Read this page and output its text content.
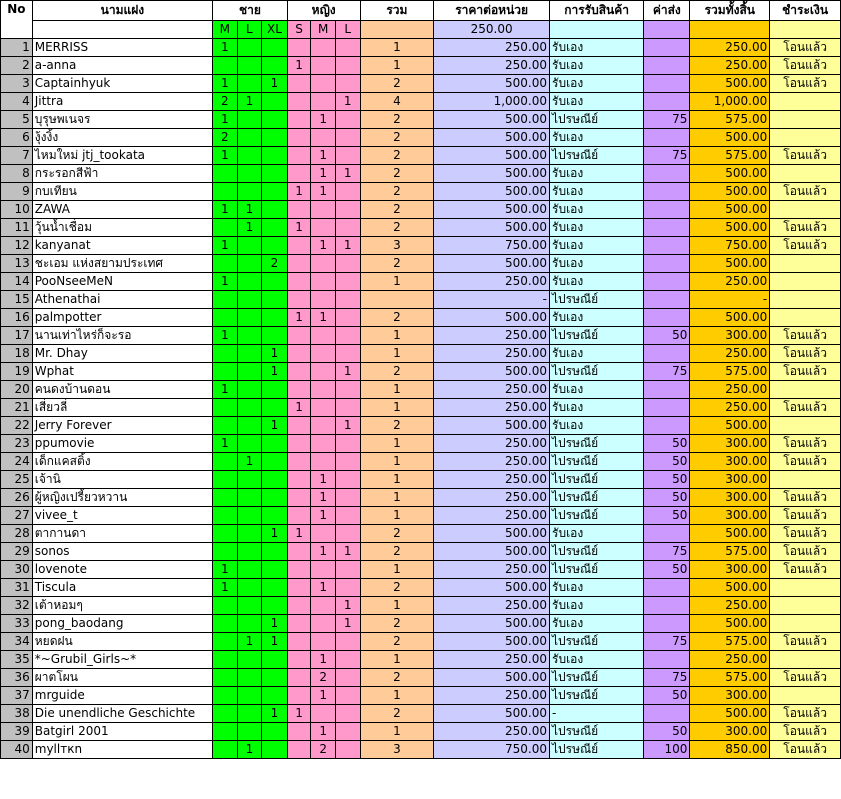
No	นามแฝง	ชาย			หญิง			รวม	ราคาต่อหน่วย	การรับสินค้า	ค่าส่ง	รวมทั้งสิ้น	ชำระเงิน
		M	L	XL	S	M	L		250.00				
1	MERRISS	1						1	250.00	รับเอง		250.00	โอนแล้ว
2	a-anna				1			1	250.00	รับเอง		250.00	โอนแล้ว
3	Captainhyuk	1		1				2	500.00	รับเอง		500.00	โอนแล้ว
4	Jittra	2	1				1	4	1,000.00	รับเอง		1,000.00	
5	บุรุษพเนจร	1				1		2	500.00	ไปรษณีย์	75	575.00	
6	งุ้งงิ้ง	2						2	500.00	รับเอง		500.00	
7	ไหมใหม่ jtj_tookata	1				1		2	500.00	ไปรษณีย์	75	575.00	โอนแล้ว
8	กระรอกสีฟ้า					1	1	2	500.00	รับเอง		500.00	
9	กบเทียน				1	1		2	500.00	รับเอง		500.00	โอนแล้ว
10	ZAWA	1	1					2	500.00	รับเอง		500.00	
11	วุ้นน้ำเชื่อม		1		1			2	500.00	รับเอง		500.00	โอนแล้ว
12	kanyanat	1				1	1	3	750.00	รับเอง		750.00	โอนแล้ว
13	ชะเอม แห่งสยามประเทศ			2				2	500.00	รับเอง		500.00	
14	PooNseeMeN	1						1	250.00	รับเอง		250.00	
15	Athenathai								-	ไปรษณีย์		-	
16	palmpotter				1	1		2	500.00	รับเอง		500.00	
17	นานเท่าไหร่ก็จะรอ	1						1	250.00	ไปรษณีย์	50	300.00	โอนแล้ว
18	Mr. Dhay			1				1	250.00	รับเอง		250.00	โอนแล้ว
19	Wphat			1			1	2	500.00	ไปรษณีย์	75	575.00	โอนแล้ว
20	คนดงบ้านดอน	1						1	250.00	รับเอง		250.00	
21	เสี่ยวลี่				1			1	250.00	รับเอง		250.00	โอนแล้ว
22	Jerry Forever			1			1	2	500.00	รับเอง		500.00	
23	ppumovie	1						1	250.00	ไปรษณีย์	50	300.00	โอนแล้ว
24	เด็กแคสติ้ง		1					1	250.00	ไปรษณีย์	50	300.00	โอนแล้ว
25	เจ้านิ					1		1	250.00	ไปรษณีย์	50	300.00	
26	ผู้หญิงเปรี้ยวหวาน					1		1	250.00	ไปรษณีย์	50	300.00	โอนแล้ว
27	vivee_t					1		1	250.00	ไปรษณีย์	50	300.00	โอนแล้ว
28	ตากานดา			1	1			2	500.00	รับเอง		500.00	โอนแล้ว
29	sonos					1	1	2	500.00	ไปรษณีย์	75	575.00	โอนแล้ว
30	lovenote	1						1	250.00	ไปรษณีย์	50	300.00	โอนแล้ว
31	Tiscula	1				1		2	500.00	รับเอง		500.00	
32	เต้าหอมๆ						1	1	250.00	รับเอง		250.00	
33	pong_baodang			1			1	2	500.00	รับเอง		500.00	
34	หยดฝน		1	1				2	500.00	ไปรษณีย์	75	575.00	โอนแล้ว
35	*~Grubil_Girls~*					1		1	250.00	รับเอง		250.00	
36	ผาตโผน					2		2	500.00	ไปรษณีย์	75	575.00	โอนแล้ว
37	mrguide					1		1	250.00	ไปรษณีย์	50	300.00	
38	Die unendliche Geschichte			1	1			2	500.00	-		500.00	โอนแล้ว
39	Batgirl 2001					1		1	250.00	ไปรษณีย์	50	300.00	โอนแล้ว
40	myllткn		1			2		3	750.00	ไปรษณีย์	100	850.00	โอนแล้ว
